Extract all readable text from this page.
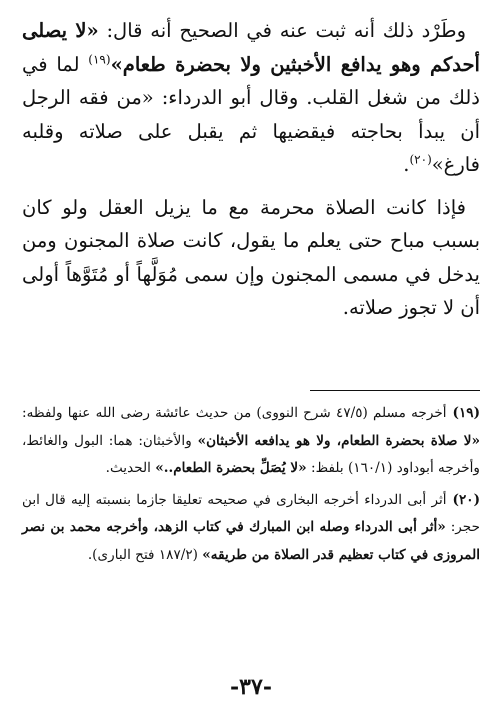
وطَرْد ذلك أنه ثبت عنه في الصحيح أنه قال: «لا يصلى أحدكم وهو يدافع الأخبثين ولا بحضرة طعام»$^{(١٩)}$ لما في ذلك من شغل القلب. وقال أبو الدرداء: «من فقه الرجل أن يبدأ بحاجته فيقضيها ثم يقبل على صلاته وقلبه فارغ»$^{(٢٠)}$.

فإذا كانت الصلاة محرمة مع ما يزيل العقل ولو كان بسبب مباح حتى يعلم ما يقول، كانت صلاة المجنون ومن يدخل في مسمى المجنون وإن سمى مُوَلَّهاً أو مُتَوَّهاً أولى أن لا تجوز صلاته.

(١٩)أخرجه مسلم (٤٧/٥ شرح النووى) من حديث عائشة رضى الله عنها ولفظه: «لا صلاة بحضرة الطعام، ولا هو يدافعه الأخبثان» والأخبثان: هما: البول والغائط، وأخرجه أبوداود (١٦٠/١) بلفظ: «لا يُصَلِّ بحضرة الطعام..» الحديث.

(٢٠)أثر أبى الدرداء أخرجه البخارى في صحيحه تعليقا جازما بنسبته إليه قال ابن حجر: «أثر أبى الدرداء وصله ابن المبارك في كتاب الزهد، وأخرجه محمد بن نصر المروزى في كتاب تعظيم قدر الصلاة من طريقه» (١٨٧/٢ فتح البارى).

-٣٧-
